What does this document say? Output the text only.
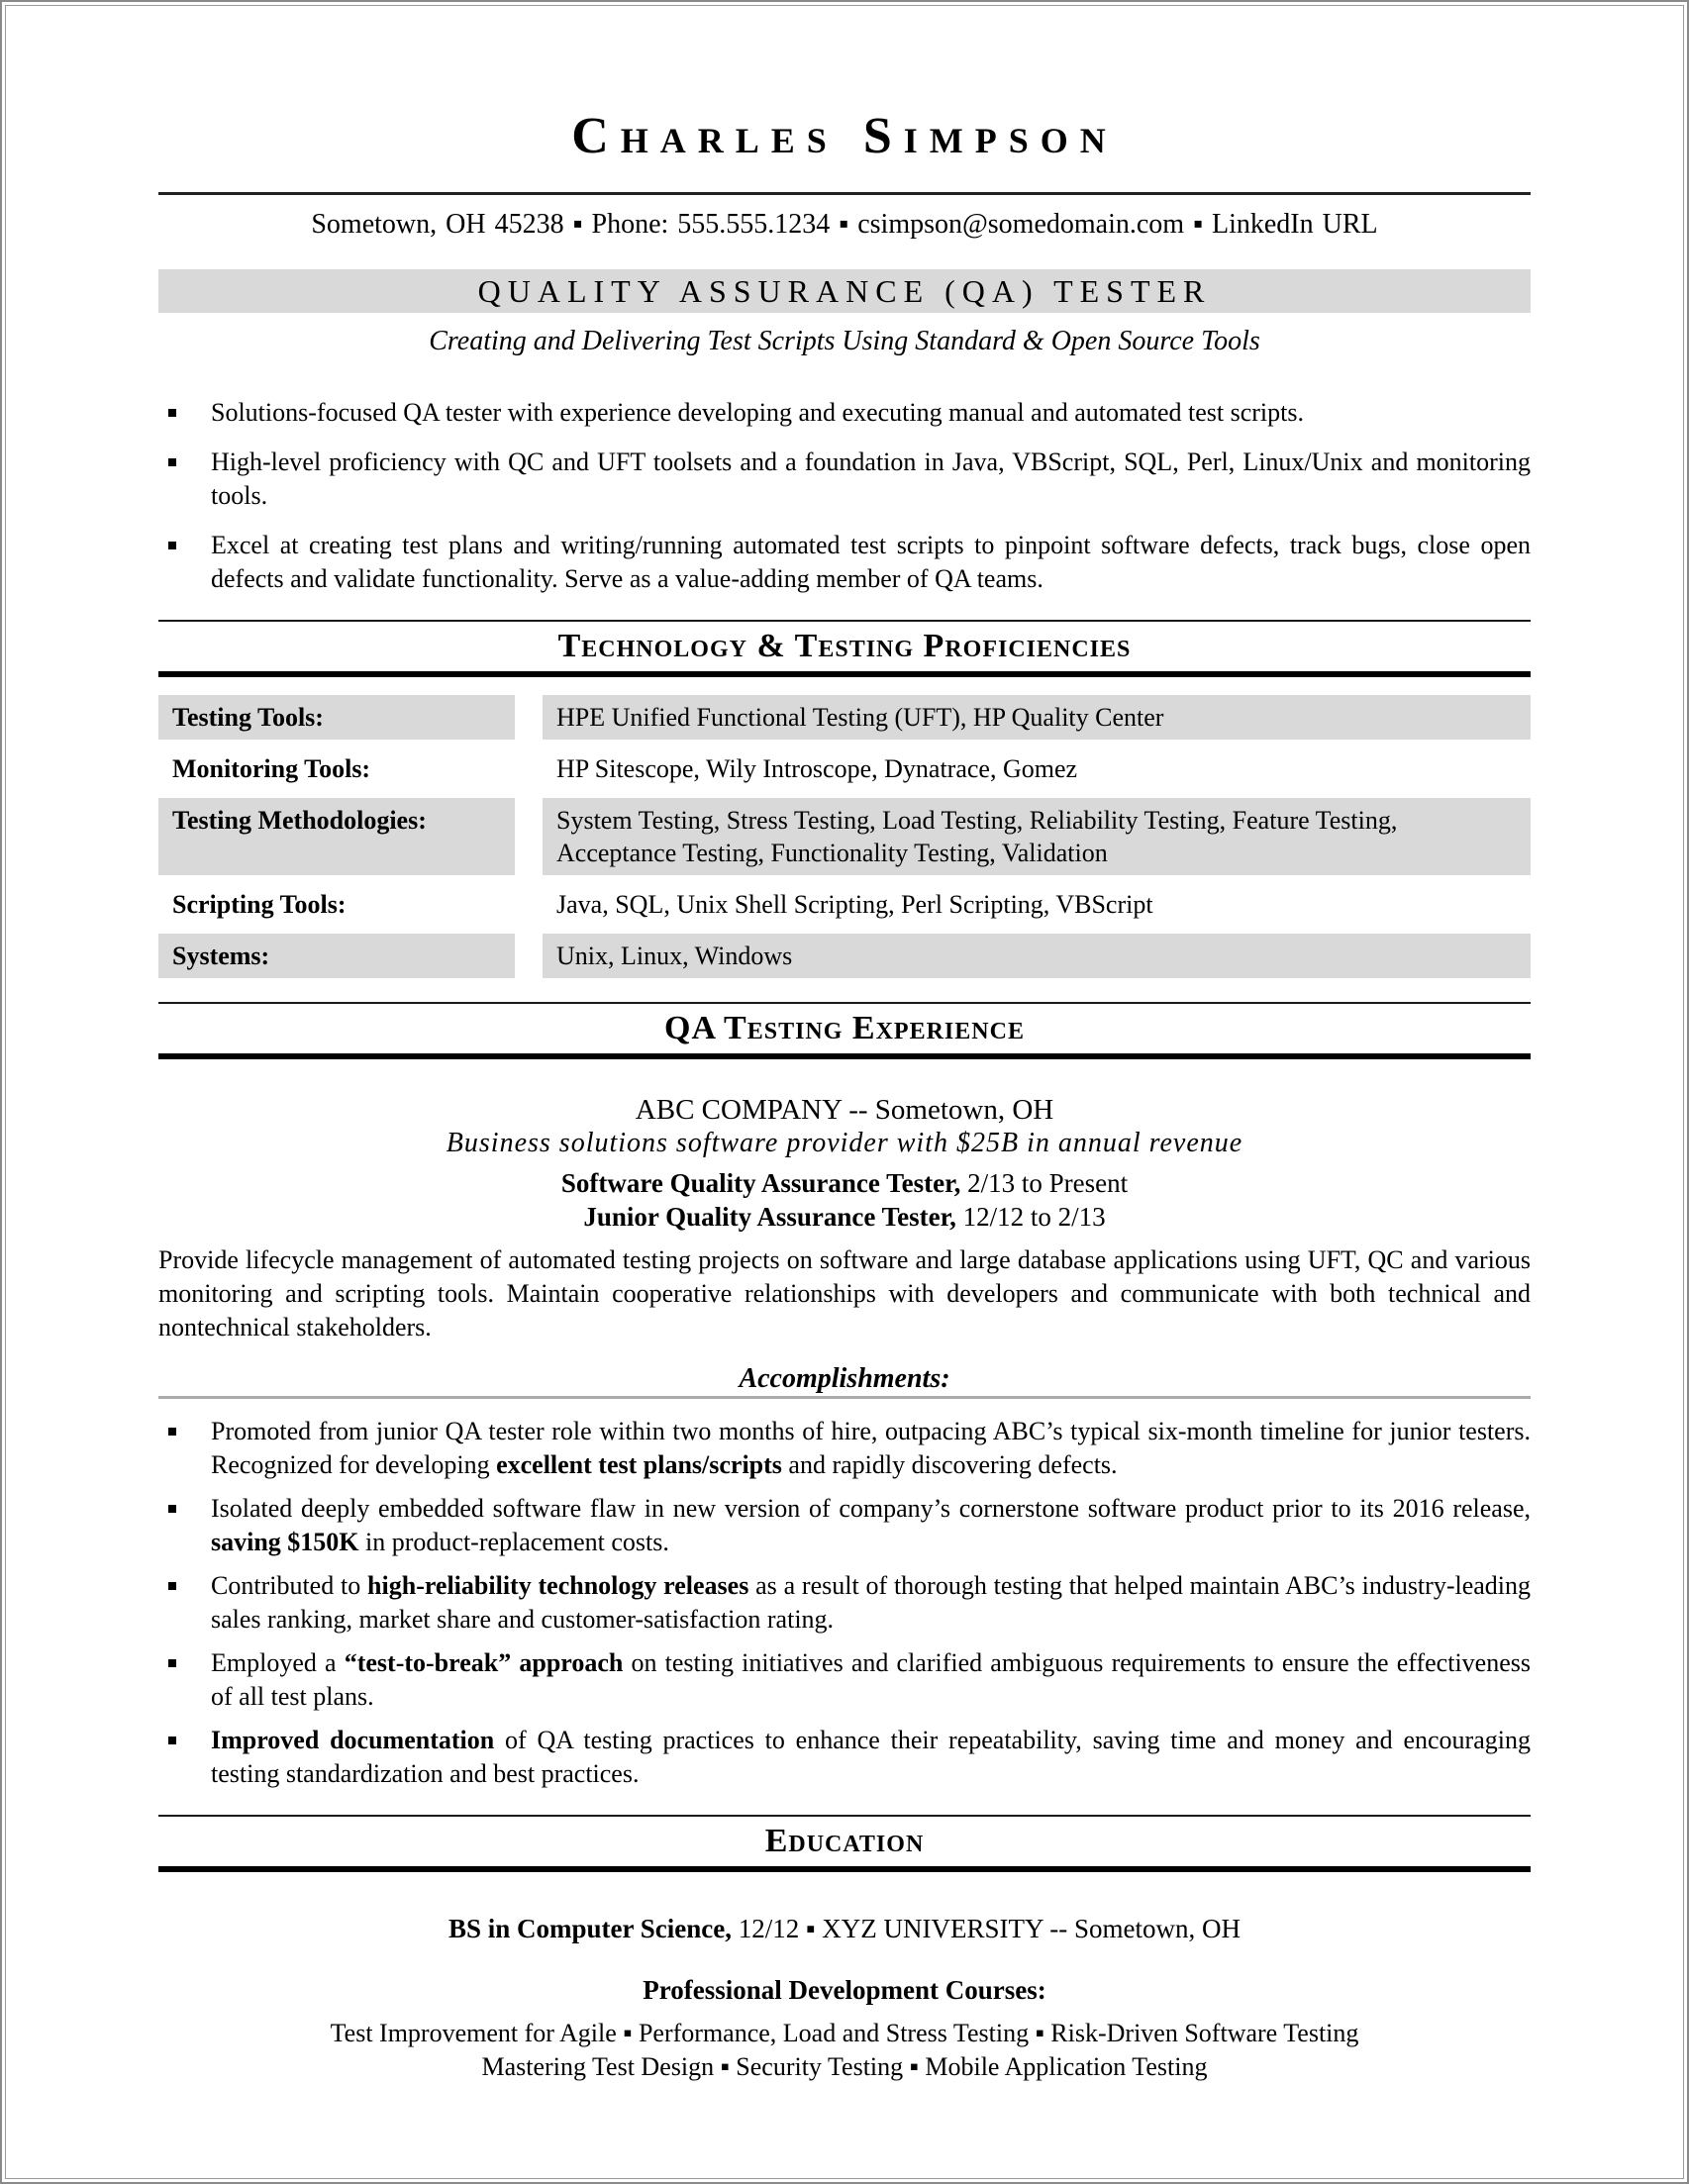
Charles Simpson
Sometown, OH 45238 ▪ Phone: 555.555.1234 ▪ csimpson@somedomain.com ▪ LinkedIn URL
QUALITY ASSURANCE (QA) TESTER
Creating and Delivering Test Scripts Using Standard & Open Source Tools
Solutions-focused QA tester with experience developing and executing manual and automated test scripts.
High-level proficiency with QC and UFT toolsets and a foundation in Java, VBScript, SQL, Perl, Linux/Unix and monitoring tools.
Excel at creating test plans and writing/running automated test scripts to pinpoint software defects, track bugs, close open defects and validate functionality. Serve as a value-adding member of QA teams.
Technology & Testing Proficiencies
Testing Tools:	HPE Unified Functional Testing (UFT), HP Quality Center
Monitoring Tools:	HP Sitescope, Wily Introscope, Dynatrace, Gomez
Testing Methodologies:	System Testing, Stress Testing, Load Testing, Reliability Testing, Feature Testing, Acceptance Testing, Functionality Testing, Validation
Scripting Tools:	Java, SQL, Unix Shell Scripting, Perl Scripting, VBScript
Systems:	Unix, Linux, Windows
QA Testing Experience
ABC COMPANY -- Sometown, OH
Business solutions software provider with $25B in annual revenue
Software Quality Assurance Tester, 2/13 to Present
Junior Quality Assurance Tester, 12/12 to 2/13
Provide lifecycle management of automated testing projects on software and large database applications using UFT, QC and various monitoring and scripting tools. Maintain cooperative relationships with developers and communicate with both technical and nontechnical stakeholders.
Accomplishments:
Promoted from junior QA tester role within two months of hire, outpacing ABC’s typical six-month timeline for junior testers. Recognized for developing excellent test plans/scripts and rapidly discovering defects.
Isolated deeply embedded software flaw in new version of company’s cornerstone software product prior to its 2016 release, saving $150K in product-replacement costs.
Contributed to high-reliability technology releases as a result of thorough testing that helped maintain ABC’s industry-leading sales ranking, market share and customer-satisfaction rating.
Employed a “test-to-break” approach on testing initiatives and clarified ambiguous requirements to ensure the effectiveness of all test plans.
Improved documentation of QA testing practices to enhance their repeatability, saving time and money and encouraging testing standardization and best practices.
Education
BS in Computer Science, 12/12 ▪ XYZ UNIVERSITY -- Sometown, OH
Professional Development Courses:
Test Improvement for Agile ▪ Performance, Load and Stress Testing ▪ Risk-Driven Software Testing
Mastering Test Design ▪ Security Testing ▪ Mobile Application Testing
